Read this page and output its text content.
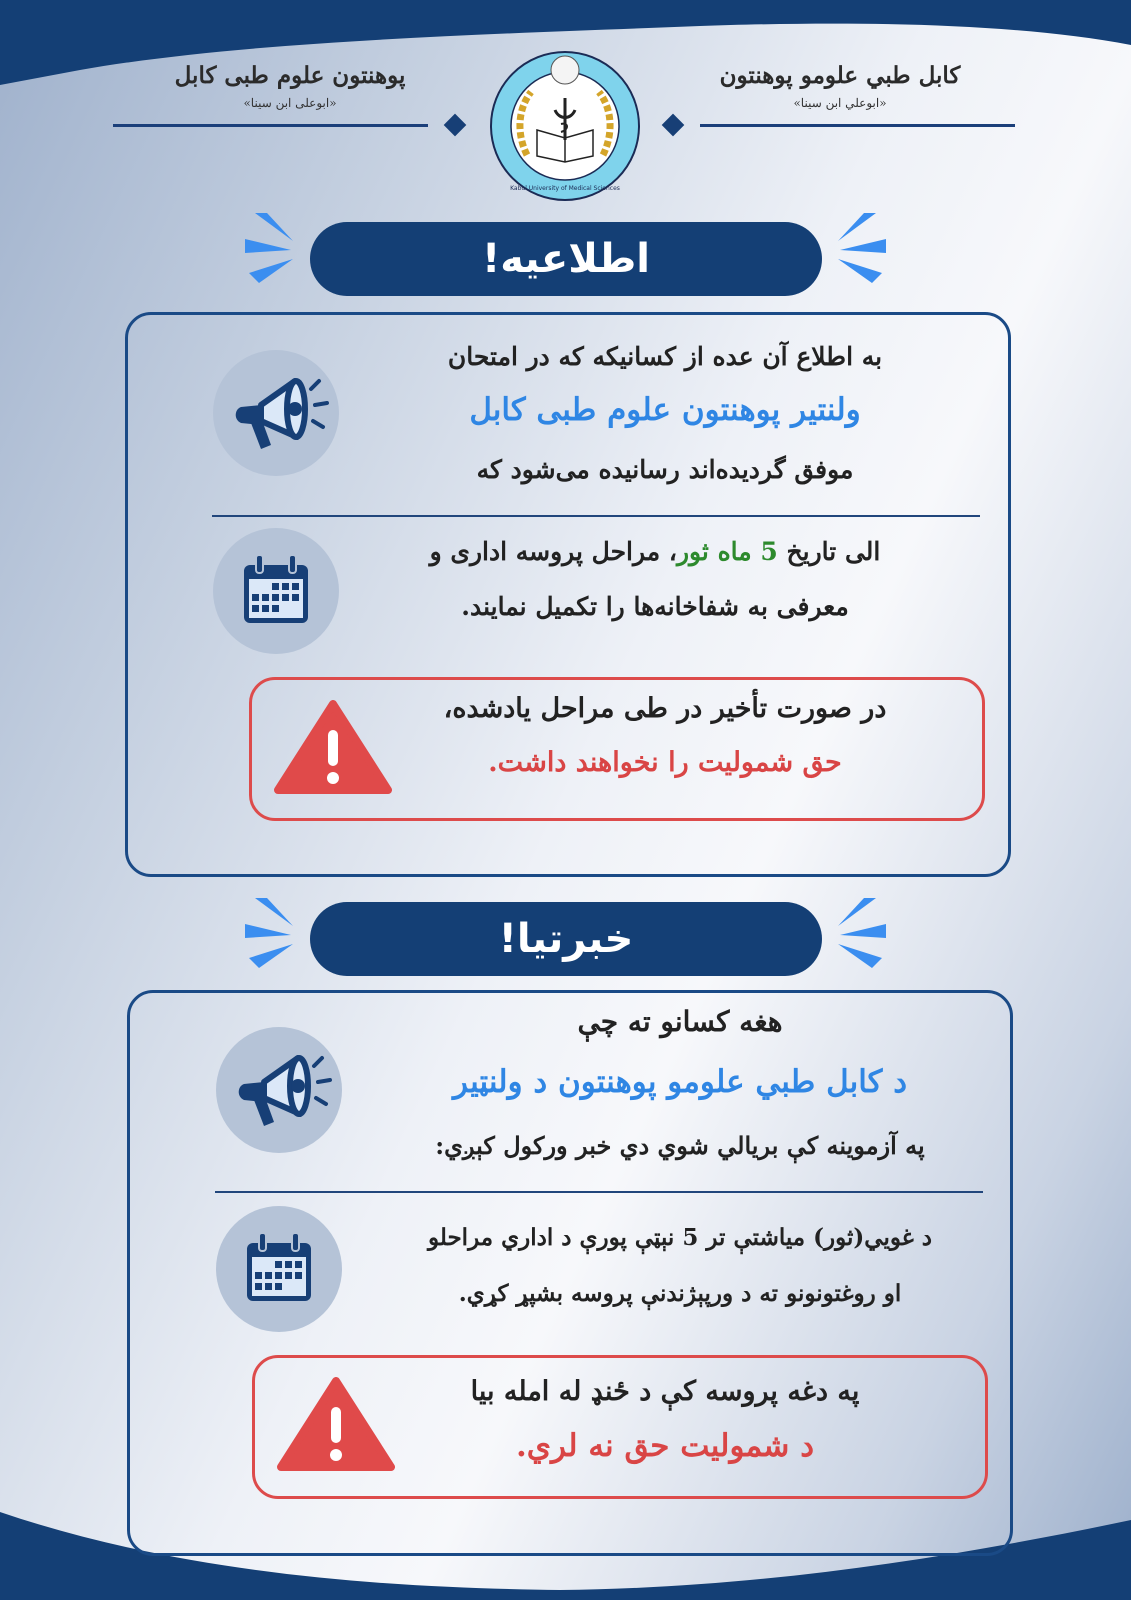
پوهنتون علوم طبی کابل
«ابوعلی ابن سینا»
کابل طبي علومو پوهنتون
«ابوعلي ابن سینا»
Kabul University of Medical Sciences
اطلاعیه!
به اطلاع آن عده از کسانیکه که در امتحان
ولنتیر پوهنتون علوم طبی کابل
موفق گردیده‌اند رسانیده می‌شود که
الی تاریخ 5 ماه ثور، مراحل پروسه اداری و
معرفی به شفاخانه‌ها را تکمیل نمایند.
در صورت تأخیر در طی مراحل یادشده،
حق شمولیت را نخواهند داشت.
خبرتیا!
هغه کسانو ته چې
د کابل طبي علومو پوهنتون د ولنټیر
په آزموینه کې بریالي شوي دي خبر ورکول کېږي:
د غویي(ثور) میاشتې تر 5 نېټې پورې د اداري مراحلو
او روغتونونو ته د ورپېژندنې پروسه بشپړ کړي.
په دغه پروسه کې د ځنډ له امله بیا
د شمولیت حق نه لري.
